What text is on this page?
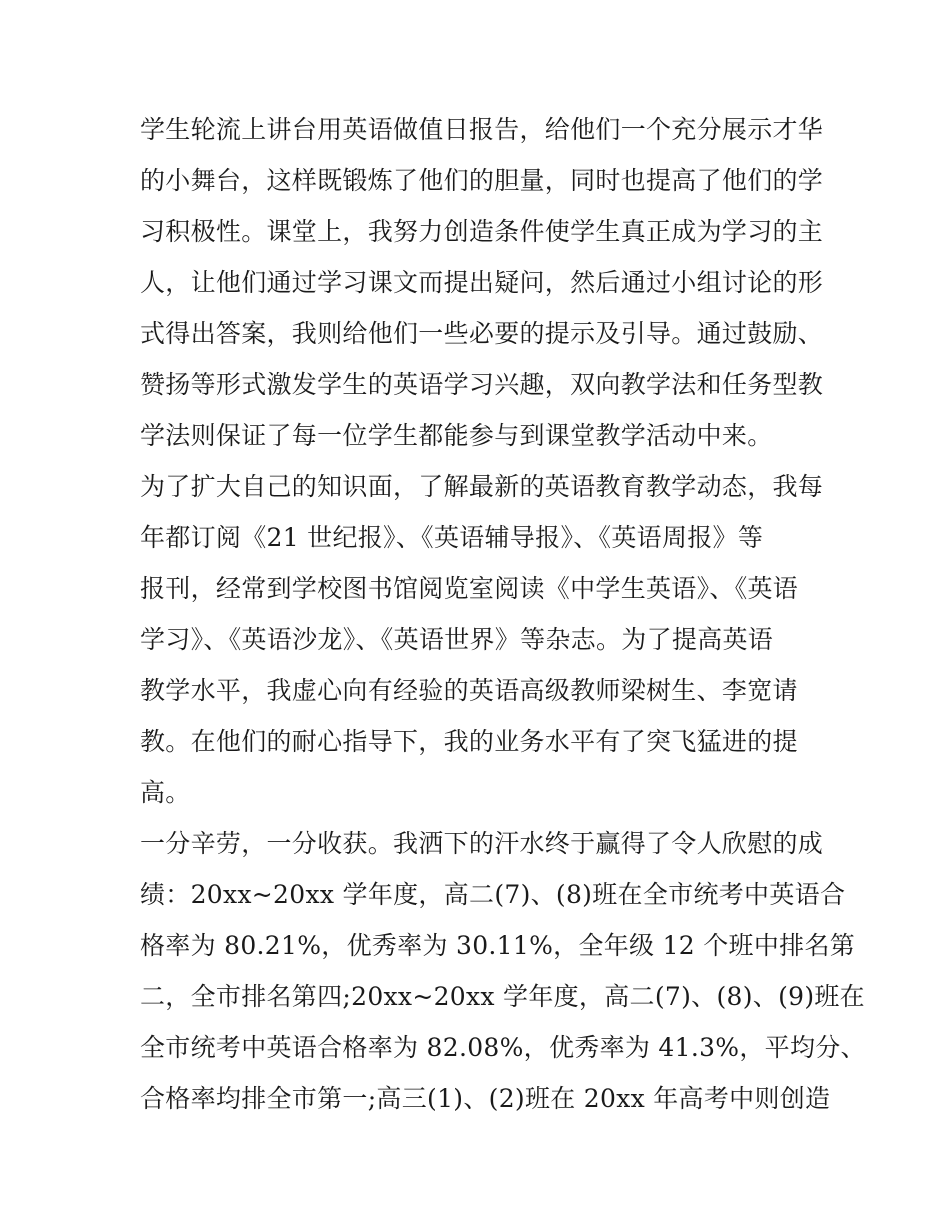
学生轮流上讲台用英语做值日报告，给他们一个充分展示才华
的小舞台，这样既锻炼了他们的胆量，同时也提高了他们的学
习积极性。课堂上，我努力创造条件使学生真正成为学习的主
人，让他们通过学习课文而提出疑问，然后通过小组讨论的形
式得出答案，我则给他们一些必要的提示及引导。通过鼓励、
赞扬等形式激发学生的英语学习兴趣，双向教学法和任务型教
学法则保证了每一位学生都能参与到课堂教学活动中来。
为了扩大自己的知识面，了解最新的英语教育教学动态，我每
年都订阅《21 世纪报》、《英语辅导报》、《英语周报》等
报刊，经常到学校图书馆阅览室阅读《中学生英语》、《英语
学习》、《英语沙龙》、《英语世界》等杂志。为了提高英语
教学水平，我虚心向有经验的英语高级教师梁树生、李宽请
教。在他们的耐心指导下，我的业务水平有了突飞猛进的提
高。
一分辛劳，一分收获。我洒下的汗水终于赢得了令人欣慰的成
绩：20xx~20xx 学年度，高二(7)、(8)班在全市统考中英语合
格率为 80.21%，优秀率为 30.11%，全年级 12 个班中排名第
二，全市排名第四;20xx~20xx 学年度，高二(7)、(8)、(9)班在
全市统考中英语合格率为 82.08%，优秀率为 41.3%，平均分、
合格率均排全市第一;高三(1)、(2)班在 20xx 年高考中则创造
